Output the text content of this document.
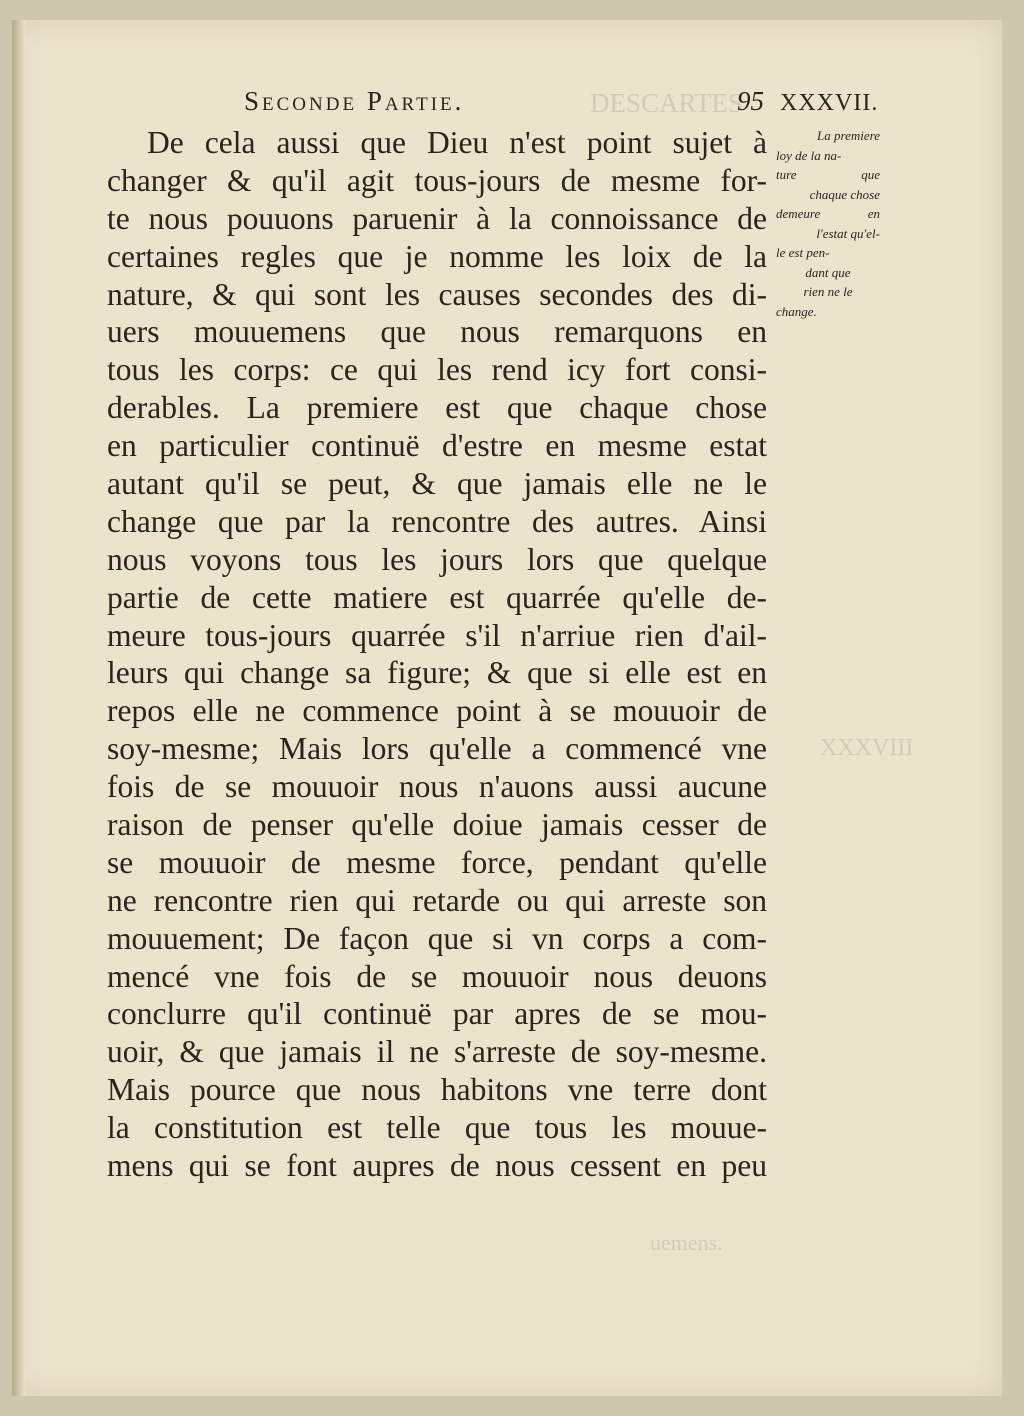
DESCARTES
XXXVIII
uemens.
Seconde Partie.	95 XXXVII.
La premiere
loy de la na-
ture que
chaque chose
demeure en
l'estat qu'el-
le est pen-
dant que
rien ne le
change.
De cela aussi que Dieu n'est point sujet à
changer & qu'il agit tous-jours de mesme for-
te nous pouuons paruenir à la connoissance de
certaines regles que je nomme les loix de la
nature, & qui sont les causes secondes des di-
uers mouuemens que nous remarquons en
tous les corps: ce qui les rend icy fort consi-
derables. La premiere est que chaque chose
en particulier continuë d'estre en mesme estat
autant qu'il se peut, & que jamais elle ne le
change que par la rencontre des autres. Ainsi
nous voyons tous les jours lors que quelque
partie de cette matiere est quarrée qu'elle de-
meure tous-jours quarrée s'il n'arriue rien d'ail-
leurs qui change sa figure; & que si elle est en
repos elle ne commence point à se mouuoir de
soy-mesme; Mais lors qu'elle a commencé vne
fois de se mouuoir nous n'auons aussi aucune
raison de penser qu'elle doiue jamais cesser de
se mouuoir de mesme force, pendant qu'elle
ne rencontre rien qui retarde ou qui arreste son
mouuement; De façon que si vn corps a com-
mencé vne fois de se mouuoir nous deuons
conclurre qu'il continuë par apres de se mou-
uoir, & que jamais il ne s'arreste de soy-mesme.
Mais pource que nous habitons vne terre dont
la constitution est telle que tous les mouue-
mens qui se font aupres de nous cessent en peu
